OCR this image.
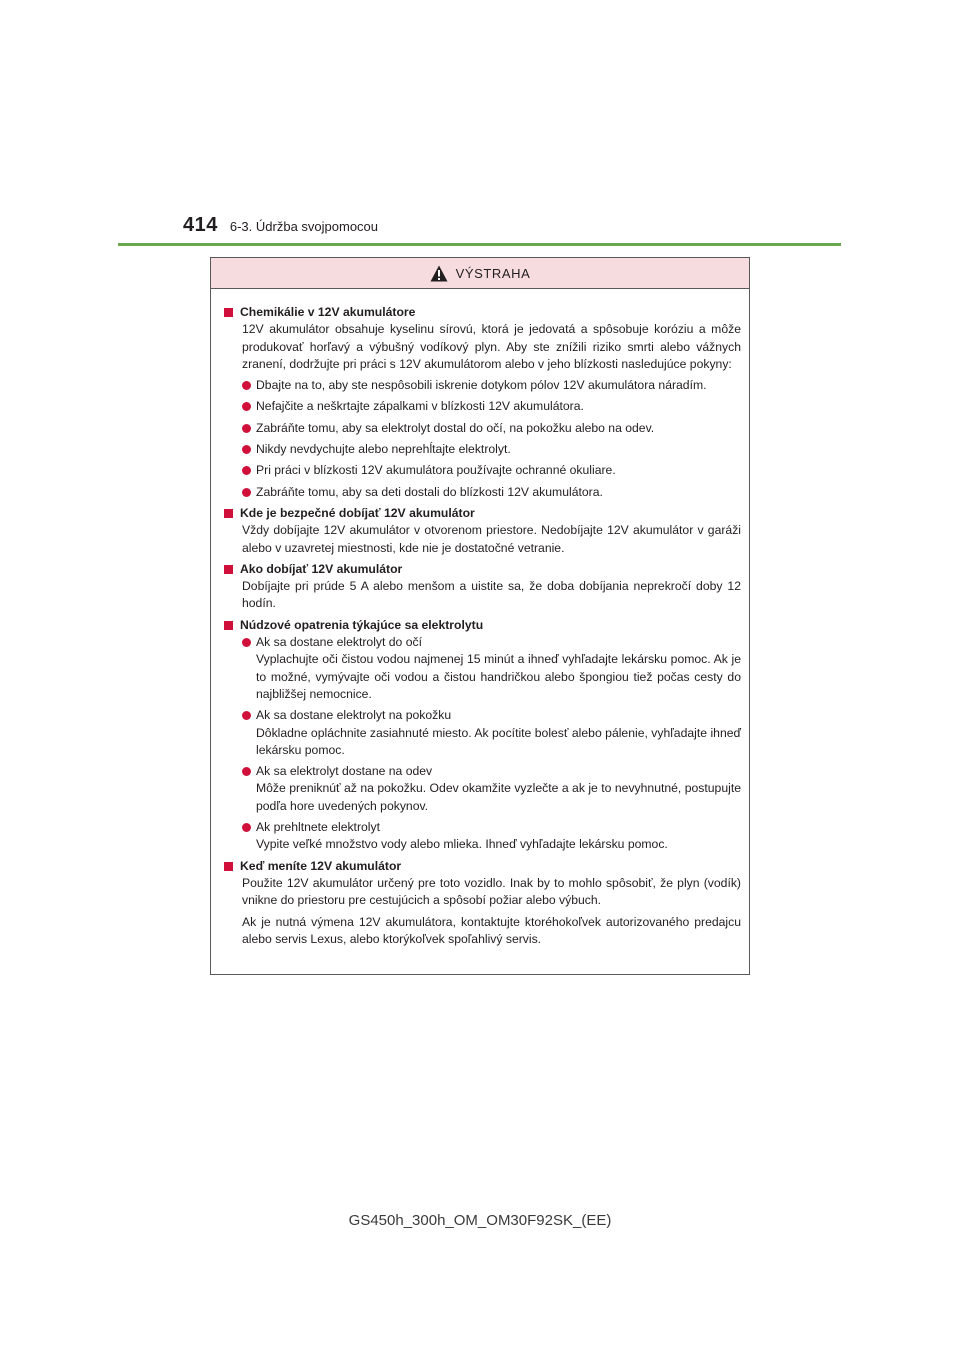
414 6-3. Údržba svojpomocou
VÝSTRAHA
Chemikálie v 12V akumulátore
12V akumulátor obsahuje kyselinu sírovú, ktorá je jedovatá a spôsobuje koróziu a môže produkovať horľavý a výbušný vodíkový plyn. Aby ste znížili riziko smrti alebo vážnych zranení, dodržujte pri práci s 12V akumulátorom alebo v jeho blízkosti nasledujúce pokyny:
Dbajte na to, aby ste nespôsobili iskrenie dotykom pólov 12V akumulátora náradím.
Nefajčite a neškrtajte zápalkami v blízkosti 12V akumulátora.
Zabráňte tomu, aby sa elektrolyt dostal do očí, na pokožku alebo na odev.
Nikdy nevdychujte alebo neprehĺtajte elektrolyt.
Pri práci v blízkosti 12V akumulátora používajte ochranné okuliare.
Zabráňte tomu, aby sa deti dostali do blízkosti 12V akumulátora.
Kde je bezpečné dobíjať 12V akumulátor
Vždy dobíjajte 12V akumulátor v otvorenom priestore. Nedobíjajte 12V akumulátor v garáži alebo v uzavretej miestnosti, kde nie je dostatočné vetranie.
Ako dobíjať 12V akumulátor
Dobíjajte pri prúde 5 A alebo menšom a uistite sa, že doba dobíjania neprekročí doby 12 hodín.
Núdzové opatrenia týkajúce sa elektrolytu
Ak sa dostane elektrolyt do očí
Vyplachujte oči čistou vodou najmenej 15 minút a ihneď vyhľadajte lekársku pomoc. Ak je to možné, vymývajte oči vodou a čistou handričkou alebo špongiou tiež počas cesty do najbližšej nemocnice.
Ak sa dostane elektrolyt na pokožku
Dôkladne opláchnite zasiahnuté miesto. Ak pocítite bolesť alebo pálenie, vyhľadajte ihneď lekársku pomoc.
Ak sa elektrolyt dostane na odev
Môže preniknúť až na pokožku. Odev okamžite vyzlečte a ak je to nevyhnutné, postupujte podľa hore uvedených pokynov.
Ak prehltnete elektrolyt
Vypite veľké množstvo vody alebo mlieka. Ihneď vyhľadajte lekársku pomoc.
Keď meníte 12V akumulátor
Použite 12V akumulátor určený pre toto vozidlo. Inak by to mohlo spôsobiť, že plyn (vodík) vnikne do priestoru pre cestujúcich a spôsobí požiar alebo výbuch.
Ak je nutná výmena 12V akumulátora, kontaktujte ktoréhokoľvek autorizovaného predajcu alebo servis Lexus, alebo ktorýkoľvek spoľahlivý servis.
GS450h_300h_OM_OM30F92SK_(EE)
